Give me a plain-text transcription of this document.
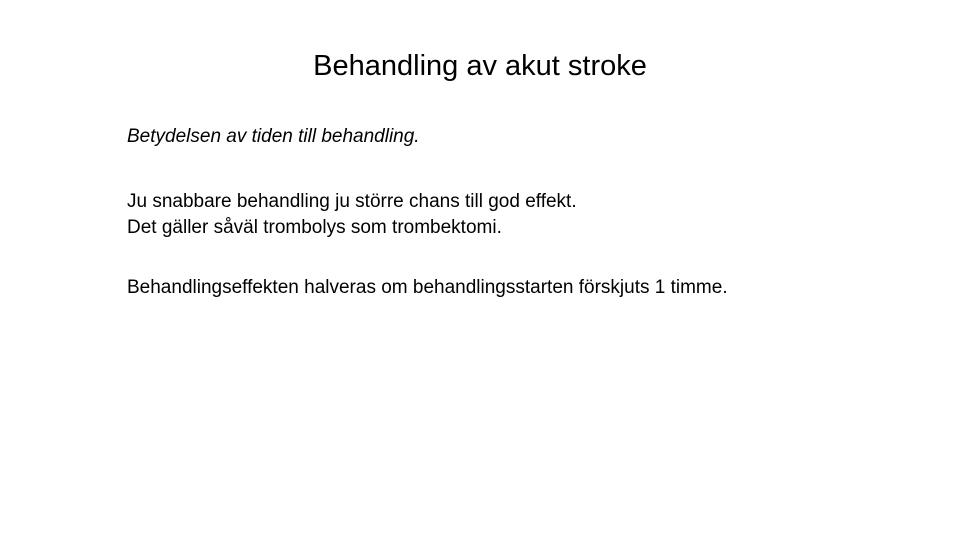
Behandling av akut stroke

Betydelsen av tiden till behandling.

Ju snabbare behandling ju större chans till god effekt.

Det gäller såväl trombolys som trombektomi.

Behandlingseffekten halveras om behandlingsstarten förskjuts 1 timme.
